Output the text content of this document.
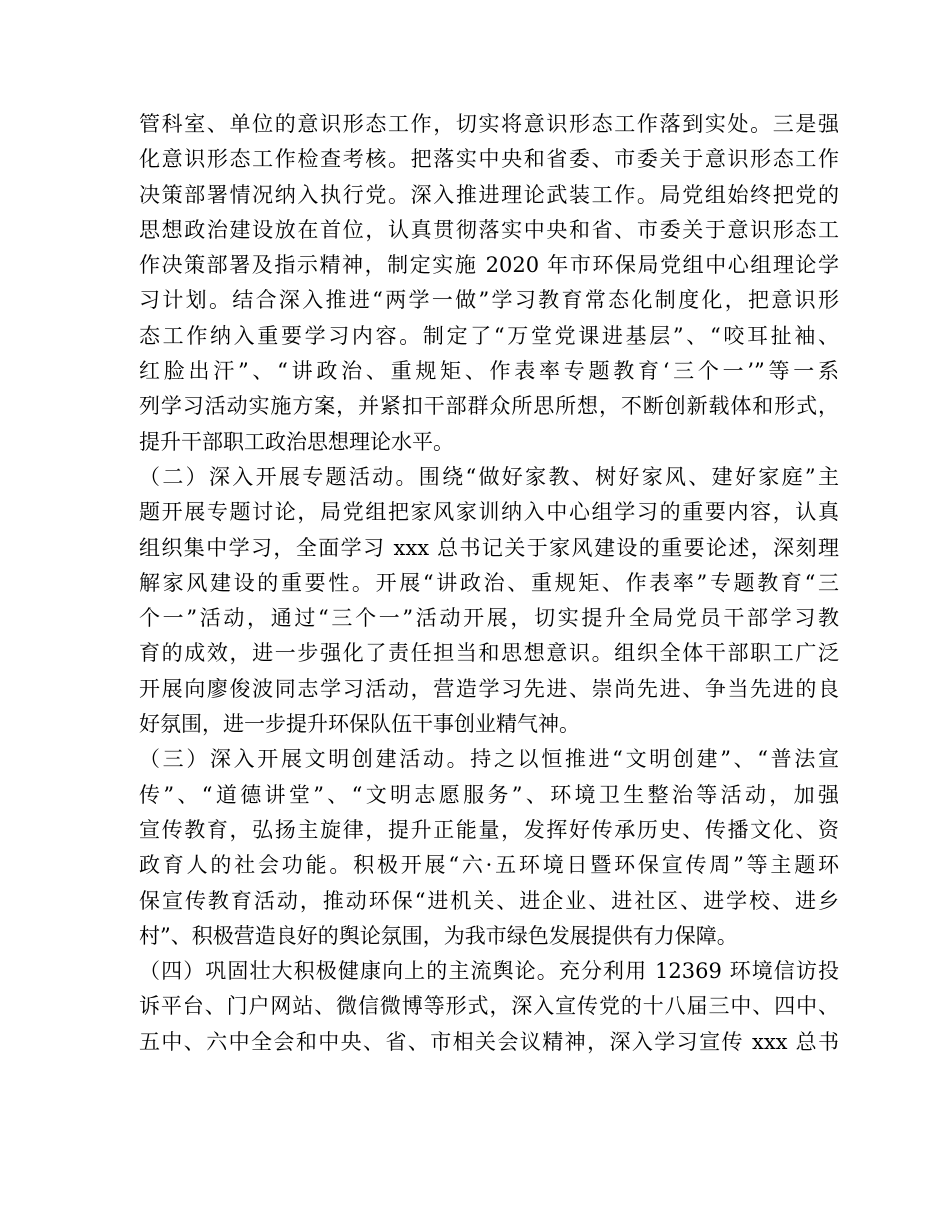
管科室、单位的意识形态工作，切实将意识形态工作落到实处。三是强
化意识形态工作检查考核。把落实中央和省委、市委关于意识形态工作
决策部署情况纳入执行党。深入推进理论武装工作。局党组始终把党的
思想政治建设放在首位，认真贯彻落实中央和省、市委关于意识形态工
作决策部署及指示精神，制定实施 2020 年市环保局党组中心组理论学
习计划。结合深入推进“两学一做”学习教育常态化制度化，把意识形
态工作纳入重要学习内容。制定了“万堂党课进基层”、“咬耳扯袖、
红脸出汗”、“讲政治、重规矩、作表率专题教育‘三个一’”等一系
列学习活动实施方案，并紧扣干部群众所思所想，不断创新载体和形式，
提升干部职工政治思想理论水平。
（二）深入开展专题活动。围绕“做好家教、树好家风、建好家庭”主
题开展专题讨论，局党组把家风家训纳入中心组学习的重要内容，认真
组织集中学习，全面学习 xxx 总书记关于家风建设的重要论述，深刻理
解家风建设的重要性。开展“讲政治、重规矩、作表率”专题教育“三
个一”活动，通过“三个一”活动开展，切实提升全局党员干部学习教
育的成效，进一步强化了责任担当和思想意识。组织全体干部职工广泛
开展向廖俊波同志学习活动，营造学习先进、崇尚先进、争当先进的良
好氛围，进一步提升环保队伍干事创业精气神。
（三）深入开展文明创建活动。持之以恒推进“文明创建”、“普法宣
传”、“道德讲堂”、“文明志愿服务”、环境卫生整治等活动，加强
宣传教育，弘扬主旋律，提升正能量，发挥好传承历史、传播文化、资
政育人的社会功能。积极开展“六·五环境日暨环保宣传周”等主题环
保宣传教育活动，推动环保“进机关、进企业、进社区、进学校、进乡
村”、积极营造良好的舆论氛围，为我市绿色发展提供有力保障。
（四）巩固壮大积极健康向上的主流舆论。充分利用 12369 环境信访投
诉平台、门户网站、微信微博等形式，深入宣传党的十八届三中、四中、
五中、六中全会和中央、省、市相关会议精神，深入学习宣传 xxx 总书
